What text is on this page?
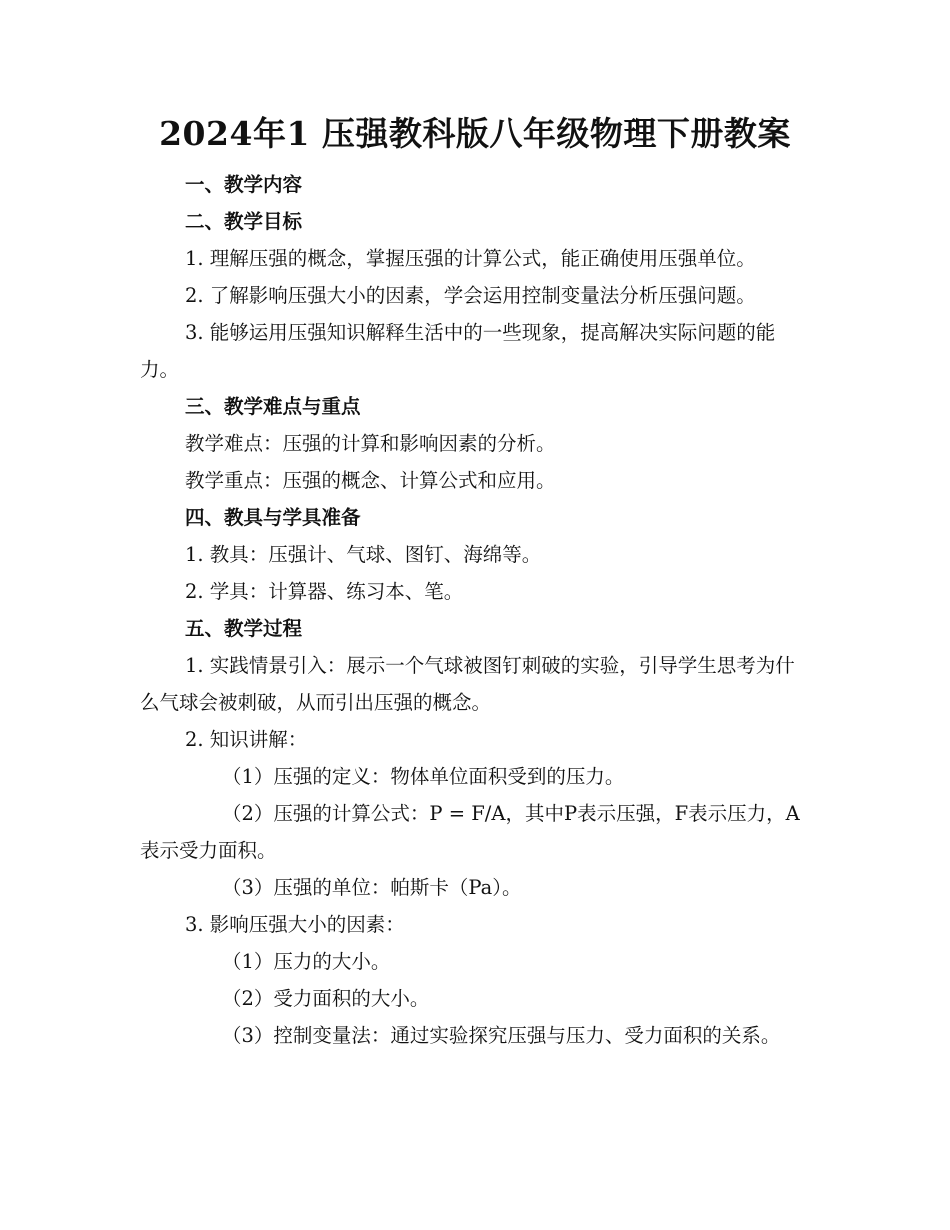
2024年1 压强教科版八年级物理下册教案

一、教学内容

二、教学目标

1. 理解压强的概念，掌握压强的计算公式，能正确使用压强单位。

2. 了解影响压强大小的因素，学会运用控制变量法分析压强问题。

3. 能够运用压强知识解释生活中的一些现象，提高解决实际问题的能力。

三、教学难点与重点

教学难点：压强的计算和影响因素的分析。

教学重点：压强的概念、计算公式和应用。

四、教具与学具准备

1. 教具：压强计、气球、图钉、海绵等。

2. 学具：计算器、练习本、笔。

五、教学过程

1. 实践情景引入：展示一个气球被图钉刺破的实验，引导学生思考为什么气球会被刺破，从而引出压强的概念。

2. 知识讲解：

（1）压强的定义：物体单位面积受到的压力。

（2）压强的计算公式：P = F/A，其中P表示压强，F表示压力，A表示受力面积。

（3）压强的单位：帕斯卡（Pa）。

3. 影响压强大小的因素：

（1）压力的大小。

（2）受力面积的大小。

（3）控制变量法：通过实验探究压强与压力、受力面积的关系。
